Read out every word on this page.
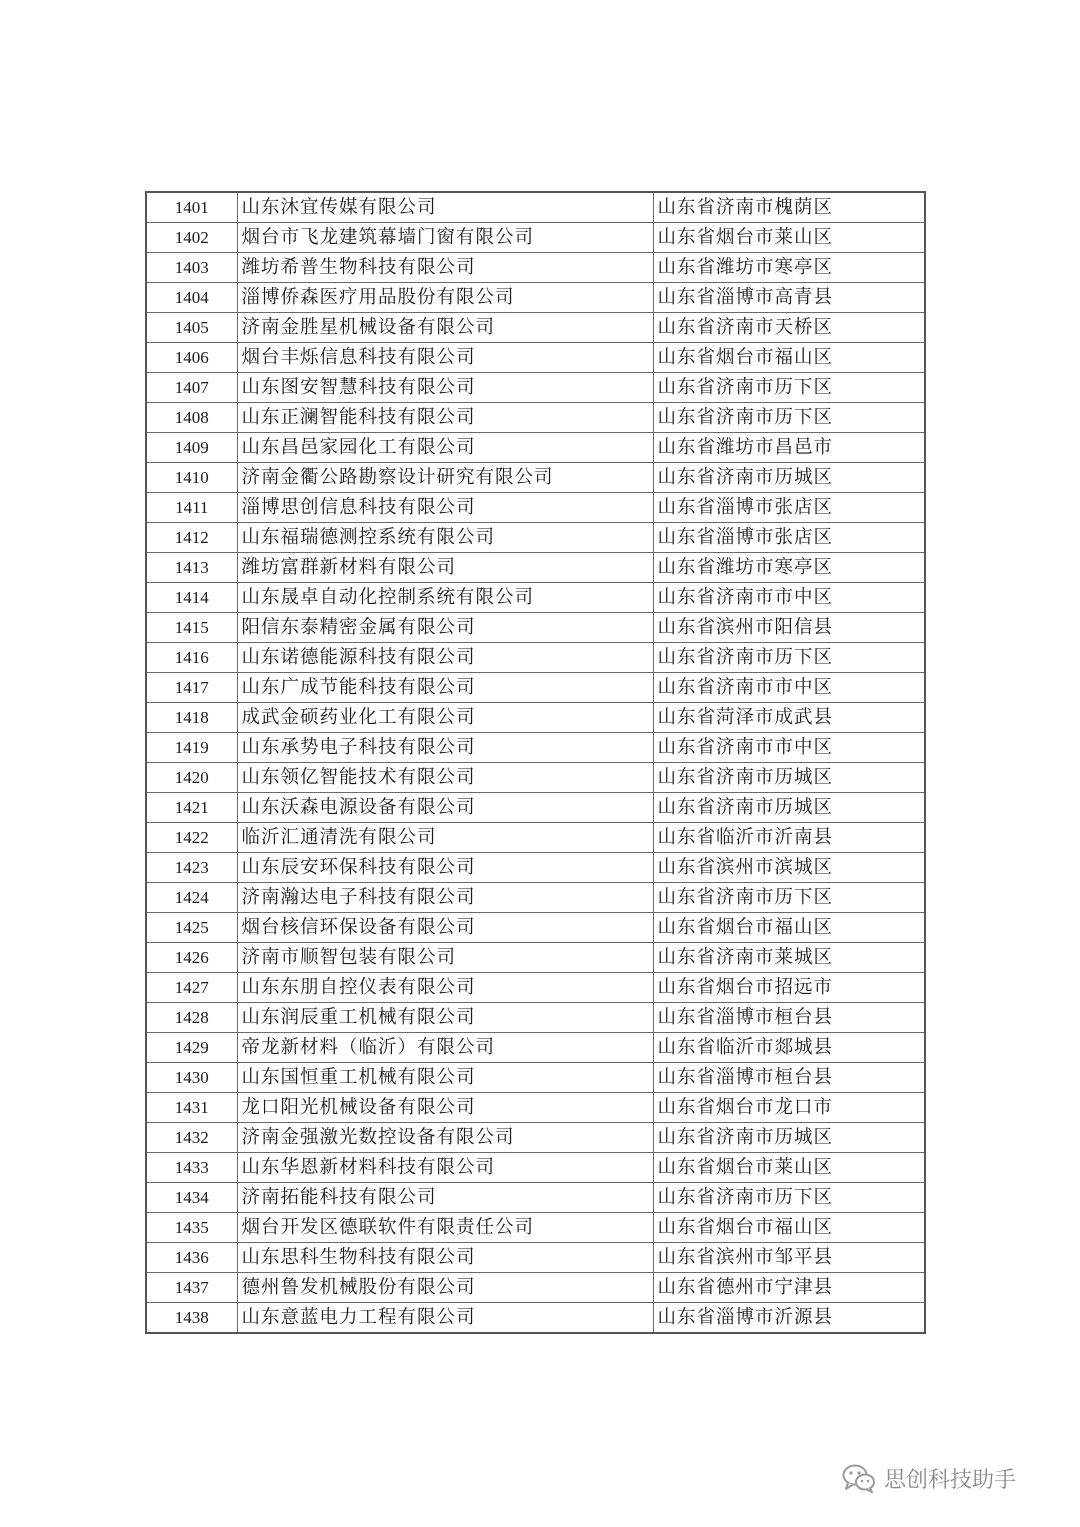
1401	山东沐宜传媒有限公司	山东省济南市槐荫区
1402	烟台市飞龙建筑幕墙门窗有限公司	山东省烟台市莱山区
1403	潍坊希普生物科技有限公司	山东省潍坊市寒亭区
1404	淄博侨森医疗用品股份有限公司	山东省淄博市高青县
1405	济南金胜星机械设备有限公司	山东省济南市天桥区
1406	烟台丰烁信息科技有限公司	山东省烟台市福山区
1407	山东图安智慧科技有限公司	山东省济南市历下区
1408	山东正澜智能科技有限公司	山东省济南市历下区
1409	山东昌邑家园化工有限公司	山东省潍坊市昌邑市
1410	济南金衢公路勘察设计研究有限公司	山东省济南市历城区
1411	淄博思创信息科技有限公司	山东省淄博市张店区
1412	山东福瑞德测控系统有限公司	山东省淄博市张店区
1413	潍坊富群新材料有限公司	山东省潍坊市寒亭区
1414	山东晟卓自动化控制系统有限公司	山东省济南市市中区
1415	阳信东泰精密金属有限公司	山东省滨州市阳信县
1416	山东诺德能源科技有限公司	山东省济南市历下区
1417	山东广成节能科技有限公司	山东省济南市市中区
1418	成武金硕药业化工有限公司	山东省菏泽市成武县
1419	山东承势电子科技有限公司	山东省济南市市中区
1420	山东领亿智能技术有限公司	山东省济南市历城区
1421	山东沃森电源设备有限公司	山东省济南市历城区
1422	临沂汇通清洗有限公司	山东省临沂市沂南县
1423	山东辰安环保科技有限公司	山东省滨州市滨城区
1424	济南瀚达电子科技有限公司	山东省济南市历下区
1425	烟台核信环保设备有限公司	山东省烟台市福山区
1426	济南市顺智包装有限公司	山东省济南市莱城区
1427	山东东朋自控仪表有限公司	山东省烟台市招远市
1428	山东润辰重工机械有限公司	山东省淄博市桓台县
1429	帝龙新材料（临沂）有限公司	山东省临沂市郯城县
1430	山东国恒重工机械有限公司	山东省淄博市桓台县
1431	龙口阳光机械设备有限公司	山东省烟台市龙口市
1432	济南金强激光数控设备有限公司	山东省济南市历城区
1433	山东华恩新材料科技有限公司	山东省烟台市莱山区
1434	济南拓能科技有限公司	山东省济南市历下区
1435	烟台开发区德联软件有限责任公司	山东省烟台市福山区
1436	山东思科生物科技有限公司	山东省滨州市邹平县
1437	德州鲁发机械股份有限公司	山东省德州市宁津县
1438	山东意蓝电力工程有限公司	山东省淄博市沂源县
思创科技助手
